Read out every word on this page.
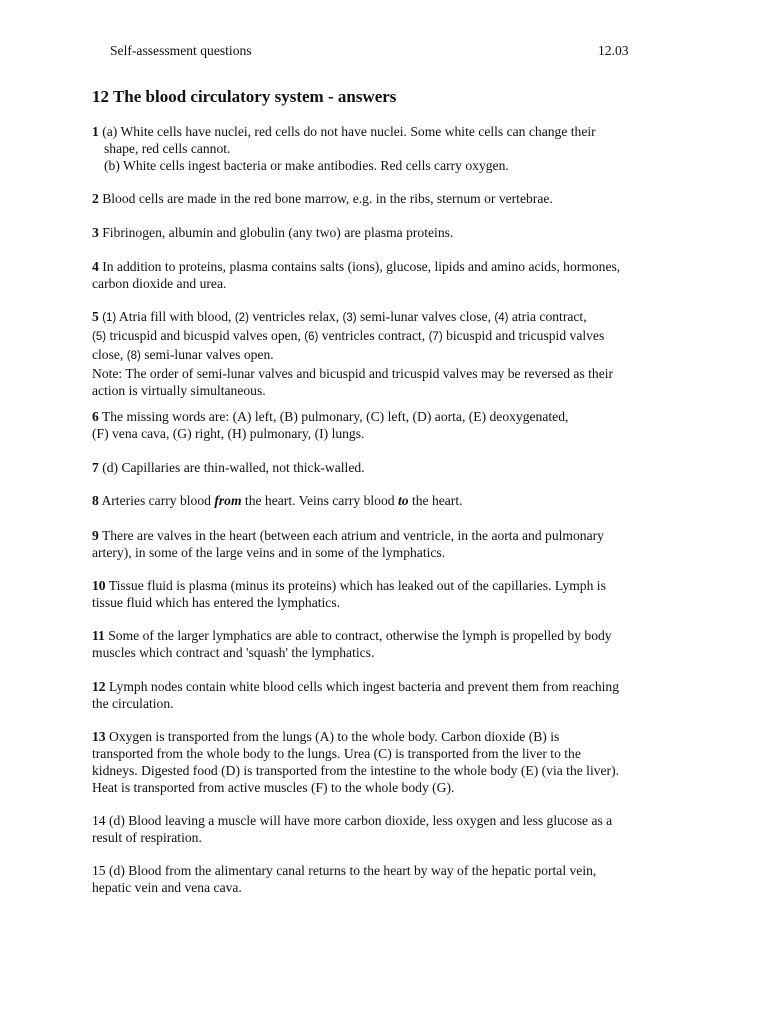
Self-assessment questions	12.03
12 The blood circulatory system - answers

1 (a) White cells have nuclei, red cells do not have nuclei. Some white cells can change their

shape, red cells cannot.

(b) White cells ingest bacteria or make antibodies. Red cells carry oxygen.

2 Blood cells are made in the red bone marrow, e.g. in the ribs, sternum or vertebrae.

3 Fibrinogen, albumin and globulin (any two) are plasma proteins.

4 In addition to proteins, plasma contains salts (ions), glucose, lipids and amino acids, hormones,

carbon dioxide and urea.

5 (1) Atria fill with blood, (2) ventricles relax, (3) semi-lunar valves close, (4) atria contract,

(5) tricuspid and bicuspid valves open, (6) ventricles contract, (7) bicuspid and tricuspid valves

close, (8) semi-lunar valves open.

Note: The order of semi-lunar valves and bicuspid and tricuspid valves may be reversed as their

action is virtually simultaneous.

6 The missing words are: (A) left, (B) pulmonary, (C) left, (D) aorta, (E) deoxygenated,

(F) vena cava, (G) right, (H) pulmonary, (I) lungs.

7 (d) Capillaries are thin-walled, not thick-walled.

8 Arteries carry blood from the heart. Veins carry blood to the heart.

9 There are valves in the heart (between each atrium and ventricle, in the aorta and pulmonary

artery), in some of the large veins and in some of the lymphatics.

10 Tissue fluid is plasma (minus its proteins) which has leaked out of the capillaries. Lymph is

tissue fluid which has entered the lymphatics.

11 Some of the larger lymphatics are able to contract, otherwise the lymph is propelled by body

muscles which contract and 'squash' the lymphatics.

12 Lymph nodes contain white blood cells which ingest bacteria and prevent them from reaching

the circulation.

13 Oxygen is transported from the lungs (A) to the whole body. Carbon dioxide (B) is

transported from the whole body to the lungs. Urea (C) is transported from the liver to the

kidneys. Digested food (D) is transported from the intestine to the whole body (E) (via the liver).

Heat is transported from active muscles (F) to the whole body (G).

14 (d) Blood leaving a muscle will have more carbon dioxide, less oxygen and less glucose as a

result of respiration.

15 (d) Blood from the alimentary canal returns to the heart by way of the hepatic portal vein,

hepatic vein and vena cava.
